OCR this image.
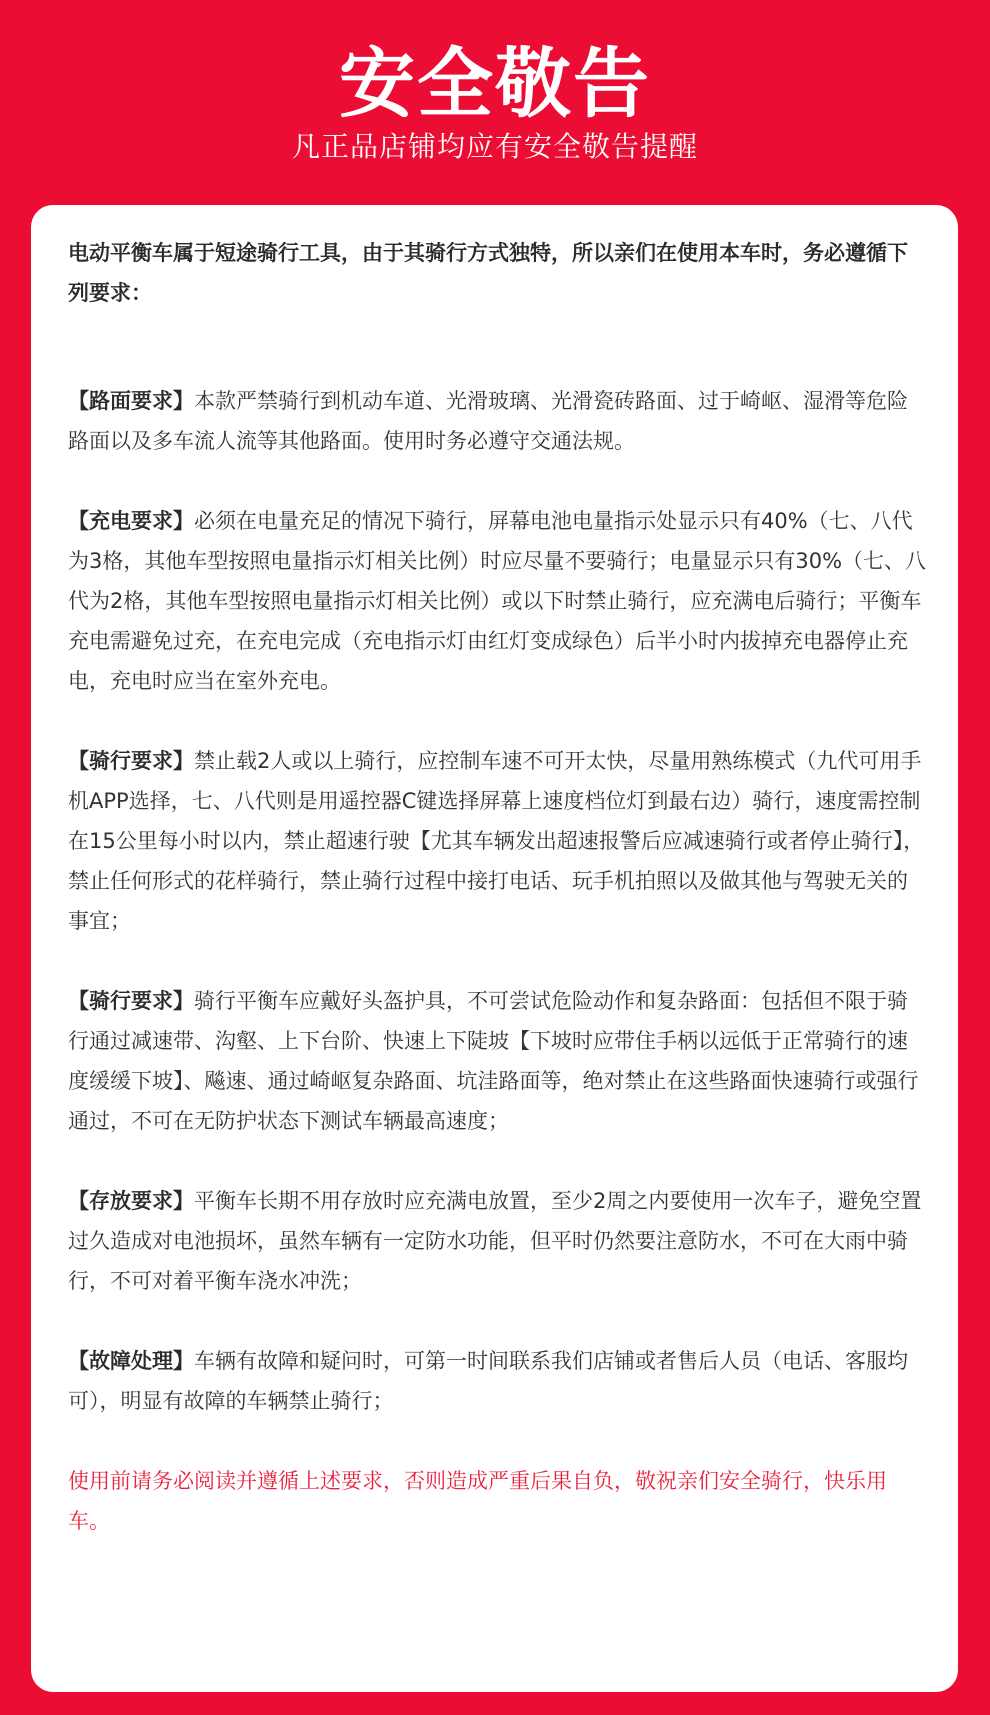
安全敬告
凡正品店铺均应有安全敬告提醒

电动平衡车属于短途骑行工具，由于其骑行方式独特，所以亲们在使用本车时，务必遵循下列要求：

【路面要求】本款严禁骑行到机动车道、光滑玻璃、光滑瓷砖路面、过于崎岖、湿滑等危险路面以及多车流人流等其他路面。使用时务必遵守交通法规。

【充电要求】必须在电量充足的情况下骑行，屏幕电池电量指示处显示只有40%（七、八代为3格，其他车型按照电量指示灯相关比例）时应尽量不要骑行；电量显示只有30%（七、八代为2格，其他车型按照电量指示灯相关比例）或以下时禁止骑行，应充满电后骑行；平衡车充电需避免过充，在充电完成（充电指示灯由红灯变成绿色）后半小时内拔掉充电器停止充电，充电时应当在室外充电。

【骑行要求】禁止载2人或以上骑行，应控制车速不可开太快，尽量用熟练模式（九代可用手机APP选择，七、八代则是用遥控器C键选择屏幕上速度档位灯到最右边）骑行，速度需控制在15公里每小时以内，禁止超速行驶【尤其车辆发出超速报警后应减速骑行或者停止骑行】，禁止任何形式的花样骑行，禁止骑行过程中接打电话、玩手机拍照以及做其他与驾驶无关的事宜；

【骑行要求】骑行平衡车应戴好头盔护具，不可尝试危险动作和复杂路面：包括但不限于骑行通过减速带、沟壑、上下台阶、快速上下陡坡【下坡时应带住手柄以远低于正常骑行的速度缓缓下坡】、飚速、通过崎岖复杂路面、坑洼路面等，绝对禁止在这些路面快速骑行或强行通过，不可在无防护状态下测试车辆最高速度；

【存放要求】平衡车长期不用存放时应充满电放置，至少2周之内要使用一次车子，避免空置过久造成对电池损坏，虽然车辆有一定防水功能，但平时仍然要注意防水，不可在大雨中骑行，不可对着平衡车浇水冲洗；

【故障处理】车辆有故障和疑问时，可第一时间联系我们店铺或者售后人员（电话、客服均可），明显有故障的车辆禁止骑行；

使用前请务必阅读并遵循上述要求，否则造成严重后果自负，敬祝亲们安全骑行，快乐用车。
